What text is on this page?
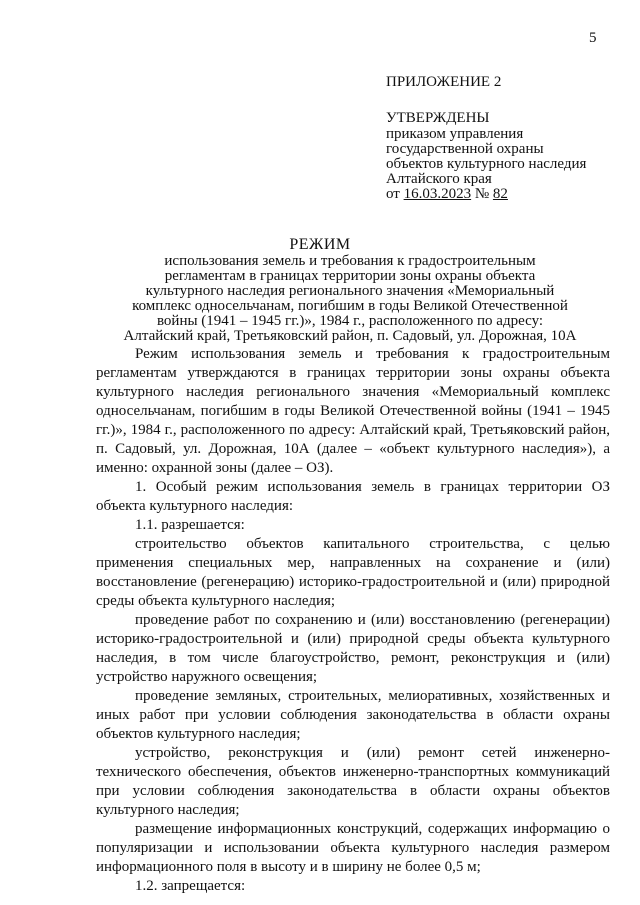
5
ПРИЛОЖЕНИЕ 2
УТВЕРЖДЕНЫ
приказом управления
государственной охраны
объектов культурного наследия
Алтайского края
от 16.03.2023 № 82
РЕЖИМ
использования земель и требования к градостроительным
регламентам в границах территории зоны охраны объекта
культурного наследия регионального значения «Мемориальный
комплекс односельчанам, погибшим в годы Великой Отечественной
войны (1941 – 1945 гг.)», 1984 г., расположенного по адресу:
Алтайский край, Третьяковский район, п. Садовый, ул. Дорожная, 10А

Режим использования земель и требования к градостроительным регламентам утверждаются в границах территории зоны охраны объекта культурного наследия регионального значения «Мемориальный комплекс односельчанам, погибшим в годы Великой Отечественной войны (1941 – 1945 гг.)», 1984 г., расположенного по адресу: Алтайский край, Третьяковский район, п. Садовый, ул. Дорожная, 10А (далее – «объект культурного наследия»), а именно: охранной зоны (далее – ОЗ).

1. Особый режим использования земель в границах территории ОЗ объекта культурного наследия:

1.1. разрешается:

строительство объектов капитального строительства, с целью применения специальных мер, направленных на сохранение и (или) восстановление (регенерацию) историко-градостроительной и (или) природной среды объекта культурного наследия;

проведение работ по сохранению и (или) восстановлению (регенерации) историко-градостроительной и (или) природной среды объекта культурного наследия, в том числе благоустройство, ремонт, реконструкция и (или) устройство наружного освещения;

проведение земляных, строительных, мелиоративных, хозяйственных и иных работ при условии соблюдения законодательства в области охраны объектов культурного наследия;

устройство, реконструкция и (или) ремонт сетей инженерно-технического обеспечения, объектов инженерно-транспортных коммуникаций при условии соблюдения законодательства в области охраны объектов культурного наследия;

размещение информационных конструкций, содержащих информацию о популяризации и использовании объекта культурного наследия размером информационного поля в высоту и в ширину не более 0,5 м;

1.2. запрещается:
